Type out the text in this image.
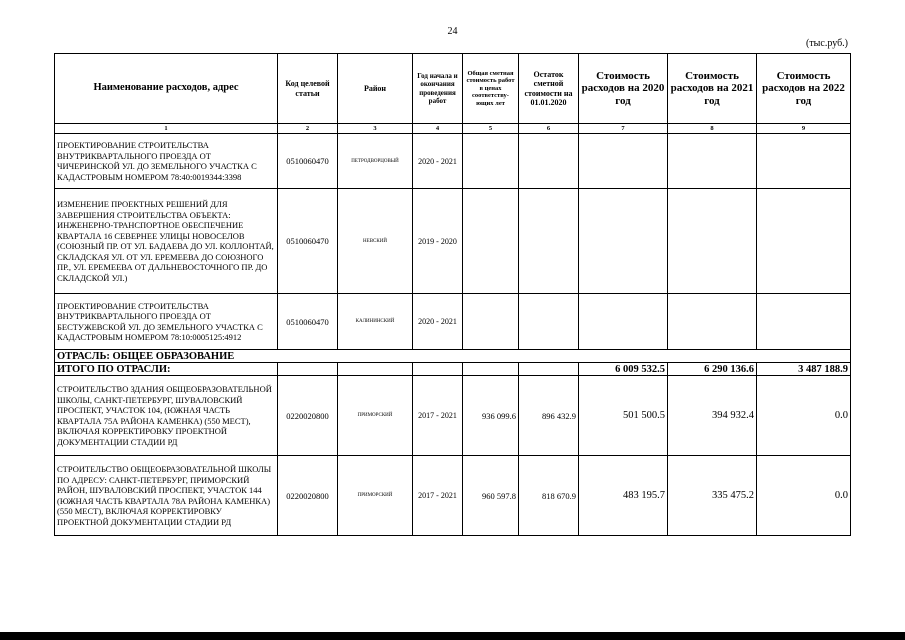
24
(тыс.руб.)
Наименование расходов, адрес	Код целевой статьи	Район	Год начала и окончания проведения работ	Общая сметная стоимость работ в ценах соответству-ющих лет	Остаток сметной стоимости на 01.01.2020	Стоимость расходов на 2020 год	Стоимость расходов на 2021 год	Стоимость расходов на 2022 год
1	2	3	4	5	6	7	8	9
ПРОЕКТИРОВАНИЕ СТРОИТЕЛЬСТВА ВНУТРИКВАРТАЛЬНОГО ПРОЕЗДА ОТ ЧИЧЕРИНСКОЙ УЛ. ДО ЗЕМЕЛЬНОГО УЧАСТКА С КАДАСТРОВЫМ НОМЕРОМ 78:40:0019344:3398	0510060470	ПЕТРОДВОРЦОВЫЙ	2020 - 2021					
ИЗМЕНЕНИЕ ПРОЕКТНЫХ РЕШЕНИЙ ДЛЯ ЗАВЕРШЕНИЯ СТРОИТЕЛЬСТВА ОБЪЕКТА: ИНЖЕНЕРНО-ТРАНСПОРТНОЕ ОБЕСПЕЧЕНИЕ КВАРТАЛА 16 СЕВЕРНЕЕ УЛИЦЫ НОВОСЕЛОВ (СОЮЗНЫЙ ПР. ОТ УЛ. БАДАЕВА ДО УЛ. КОЛЛОНТАЙ, СКЛАДСКАЯ УЛ. ОТ УЛ. ЕРЕМЕЕВА ДО СОЮЗНОГО ПР., УЛ. ЕРЕМЕЕВА ОТ ДАЛЬНЕВОСТОЧНОГО ПР. ДО СКЛАДСКОЙ УЛ.)	0510060470	НЕВСКИЙ	2019 - 2020					
ПРОЕКТИРОВАНИЕ СТРОИТЕЛЬСТВА ВНУТРИКВАРТАЛЬНОГО ПРОЕЗДА ОТ БЕСТУЖЕВСКОЙ УЛ. ДО ЗЕМЕЛЬНОГО УЧАСТКА С КАДАСТРОВЫМ НОМЕРОМ 78:10:0005125:4912	0510060470	КАЛИНИНСКИЙ	2020 - 2021					
ОТРАСЛЬ: ОБЩЕЕ ОБРАЗОВАНИЕ								
ИТОГО ПО ОТРАСЛИ:						6 009 532.5	6 290 136.6	3 487 188.9
СТРОИТЕЛЬСТВО ЗДАНИЯ ОБЩЕОБРАЗОВАТЕЛЬНОЙ ШКОЛЫ, САНКТ-ПЕТЕРБУРГ, ШУВАЛОВСКИЙ ПРОСПЕКТ, УЧАСТОК 104, (ЮЖНАЯ ЧАСТЬ КВАРТАЛА 75А РАЙОНА КАМЕНКА) (550 МЕСТ), ВКЛЮЧАЯ КОРРЕКТИРОВКУ ПРОЕКТНОЙ ДОКУМЕНТАЦИИ СТАДИИ РД	0220020800	ПРИМОРСКИЙ	2017 - 2021	936 099.6	896 432.9	501 500.5	394 932.4	0.0
СТРОИТЕЛЬСТВО ОБЩЕОБРАЗОВАТЕЛЬНОЙ ШКОЛЫ ПО АДРЕСУ: САНКТ-ПЕТЕРБУРГ, ПРИМОРСКИЙ РАЙОН, ШУВАЛОВСКИЙ ПРОСПЕКТ, УЧАСТОК 144 (ЮЖНАЯ ЧАСТЬ КВАРТАЛА 78А РАЙОНА КАМЕНКА) (550 МЕСТ), ВКЛЮЧАЯ КОРРЕКТИРОВКУ ПРОЕКТНОЙ ДОКУМЕНТАЦИИ СТАДИИ РД	0220020800	ПРИМОРСКИЙ	2017 - 2021	960 597.8	818 670.9	483 195.7	335 475.2	0.0
